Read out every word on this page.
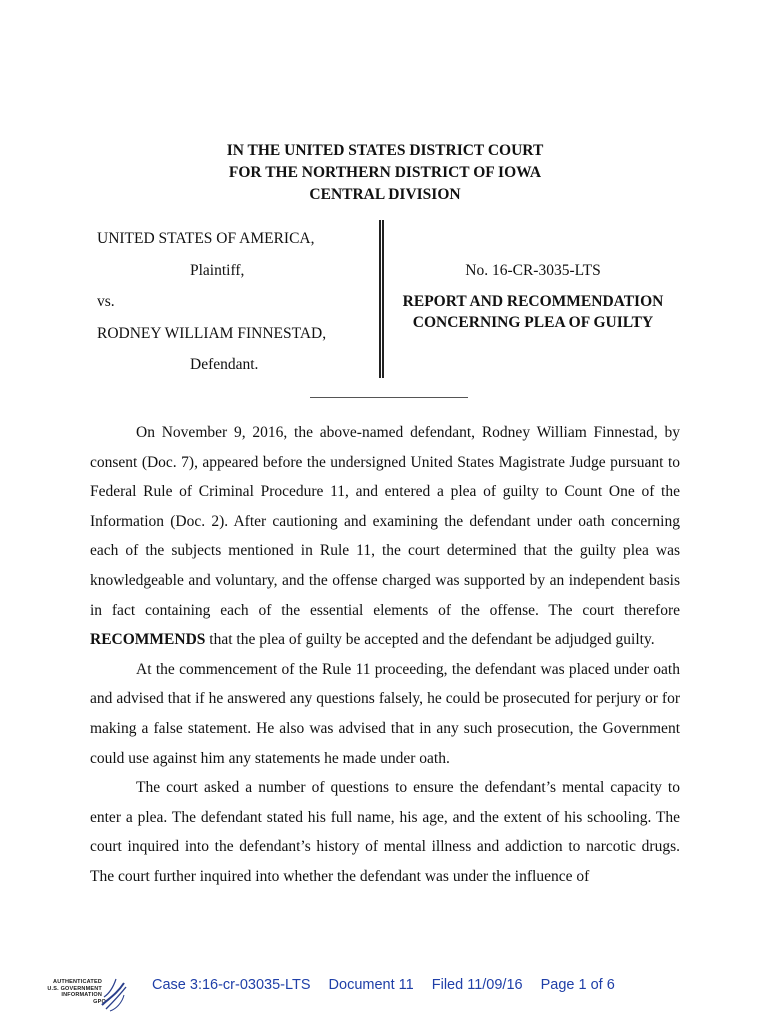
IN THE UNITED STATES DISTRICT COURT
FOR THE NORTHERN DISTRICT OF IOWA
CENTRAL DIVISION
UNITED STATES OF AMERICA,
Plaintiff,
vs.
RODNEY WILLIAM FINNESTAD,
Defendant.
No. 16-CR-3035-LTS
REPORT AND RECOMMENDATION
CONCERNING PLEA OF GUILTY

On November 9, 2016, the above-named defendant, Rodney William Finnestad, by consent (Doc. 7), appeared before the undersigned United States Magistrate Judge pursuant to Federal Rule of Criminal Procedure 11, and entered a plea of guilty to Count One of the Information (Doc. 2). After cautioning and examining the defendant under oath concerning each of the subjects mentioned in Rule 11, the court determined that the guilty plea was knowledgeable and voluntary, and the offense charged was supported by an independent basis in fact containing each of the essential elements of the offense. The court therefore RECOMMENDS that the plea of guilty be accepted and the defendant be adjudged guilty.

At the commencement of the Rule 11 proceeding, the defendant was placed under oath and advised that if he answered any questions falsely, he could be prosecuted for perjury or for making a false statement. He also was advised that in any such prosecution, the Government could use against him any statements he made under oath.

The court asked a number of questions to ensure the defendant’s mental capacity to enter a plea. The defendant stated his full name, his age, and the extent of his schooling. The court inquired into the defendant’s history of mental illness and addiction to narcotic drugs. The court further inquired into whether the defendant was under the influence of

AUTHENTICATED
U.S. GOVERNMENT
INFORMATION
GPO
Case 3:16-cr-03035-LTS Document 11 Filed 11/09/16 Page 1 of 6
